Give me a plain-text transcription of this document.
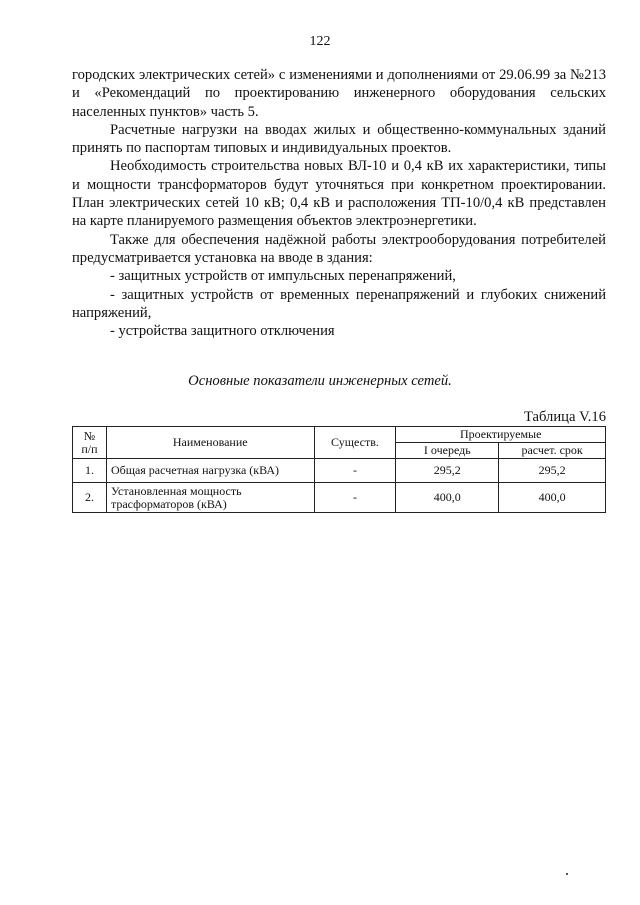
122

городских электрических сетей» с изменениями и дополнениями от 29.06.99 за №213 и «Рекомендаций по проектированию инженерного оборудования сельских населенных пунктов» часть 5.

Расчетные нагрузки на вводах жилых и общественно-коммунальных зданий принять по паспортам типовых и индивидуальных проектов.

Необходимость строительства новых ВЛ-10 и 0,4 кВ их характеристики, типы и мощности трансформаторов будут уточняться при конкретном проектировании. План электрических сетей 10 кВ; 0,4 кВ и расположения ТП-10/0,4 кВ представлен на карте планируемого размещения объектов электроэнергетики.

Также для обеспечения надёжной работы электрооборудования потребителей предусматривается установка на вводе в здания:

- защитных устройств от импульсных перенапряжений,

- защитных устройств от временных перенапряжений и глубоких снижений напряжений,

- устройства защитного отключения

Основные показатели инженерных сетей.
Таблица V.16
№
п/п	Наименование	Существ.	Проектируемые	
			I очередь	расчет. срок
1.	Общая расчетная нагрузка (кВА)	-	295,2	295,2
2.	Установленная мощность трасформаторов (кВА)	-	400,0	400,0
